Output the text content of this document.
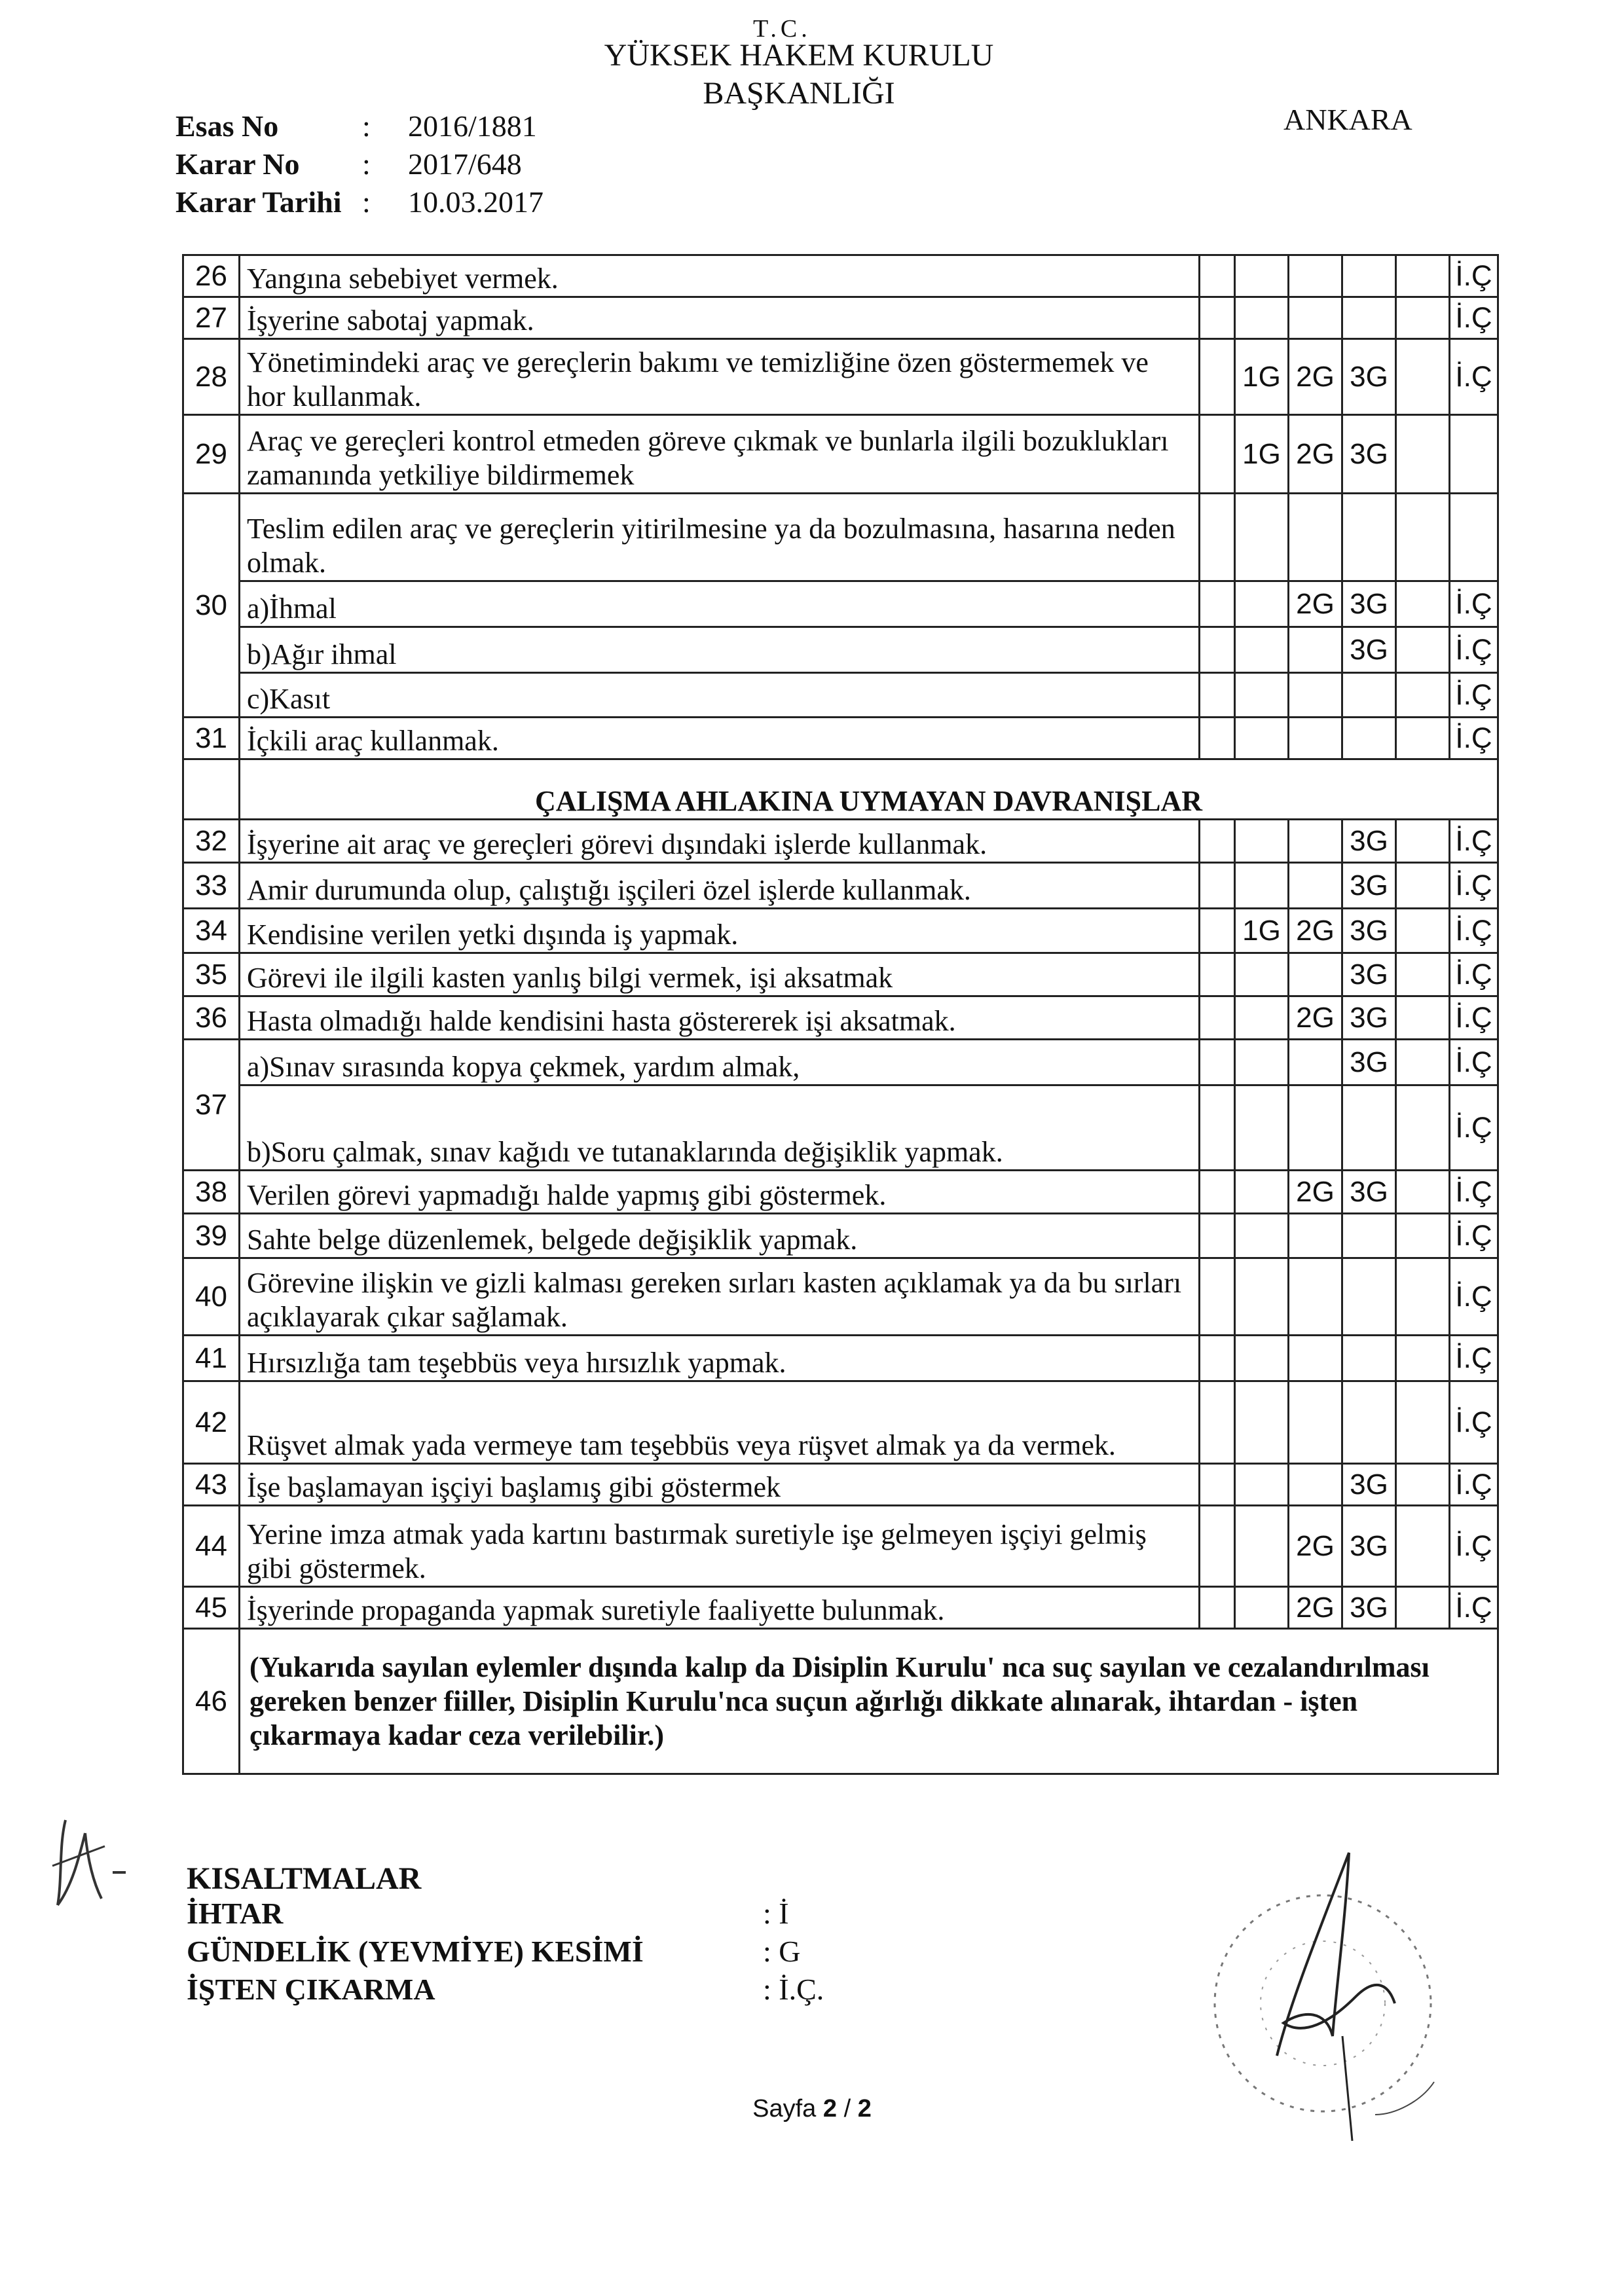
T.C.
YÜKSEK HAKEM KURULU
BAŞKANLIĞI
ANKARA
Esas No	:	2016/1881
Karar No	:	2017/648
Karar Tarihi :	10.03.2017
26	Yangına sebebiyet vermek.						İ.Ç
27	İşyerine sabotaj yapmak.						İ.Ç
28	Yönetimindeki araç ve gereçlerin bakımı ve temizliğine özen göstermemek ve hor kullanmak.		1G	2G	3G		İ.Ç
29	Araç ve gereçleri kontrol etmeden göreve çıkmak ve bunlarla ilgili bozuklukları zamanında yetkiliye bildirmemek		1G	2G	3G		
30	Teslim edilen araç ve gereçlerin yitirilmesine ya da bozulmasına, hasarına neden olmak.						
	a)İhmal			2G	3G		İ.Ç
	b)Ağır ihmal				3G		İ.Ç
	c)Kasıt						İ.Ç
31	İçkili araç kullanmak.						İ.Ç
	ÇALIŞMA AHLAKINA UYMAYAN DAVRANIŞLAR						
32	İşyerine ait araç ve gereçleri görevi dışındaki işlerde kullanmak.				3G		İ.Ç
33	Amir durumunda olup, çalıştığı işçileri özel işlerde kullanmak.				3G		İ.Ç
34	Kendisine verilen yetki dışında iş yapmak.		1G	2G	3G		İ.Ç
35	Görevi ile ilgili kasten yanlış bilgi vermek, işi aksatmak				3G		İ.Ç
36	Hasta olmadığı halde kendisini hasta göstererek işi aksatmak.			2G	3G		İ.Ç
37	a)Sınav sırasında kopya çekmek, yardım almak,				3G		İ.Ç
	b)Soru çalmak, sınav kağıdı ve tutanaklarında değişiklik yapmak.						İ.Ç
38	Verilen görevi yapmadığı halde yapmış gibi göstermek.			2G	3G		İ.Ç
39	Sahte belge düzenlemek, belgede değişiklik yapmak.						İ.Ç
40	Görevine ilişkin ve gizli kalması gereken sırları kasten açıklamak ya da bu sırları açıklayarak çıkar sağlamak.						İ.Ç
41	Hırsızlığa tam teşebbüs veya hırsızlık yapmak.						İ.Ç
42	Rüşvet almak yada vermeye tam teşebbüs veya rüşvet almak ya da vermek.						İ.Ç
43	İşe başlamayan işçiyi başlamış gibi göstermek				3G		İ.Ç
44	Yerine imza atmak yada kartını bastırmak suretiyle işe gelmeyen işçiyi gelmiş gibi göstermek.			2G	3G		İ.Ç
45	İşyerinde propaganda yapmak suretiyle faaliyette bulunmak.			2G	3G		İ.Ç
46	(Yukarıda sayılan eylemler dışında kalıp da Disiplin Kurulu' nca suç sayılan ve cezalandırılması gereken benzer fiiller, Disiplin Kurulu'nca suçun ağırlığı dikkate alınarak, ihtardan - işten çıkarmaya kadar ceza verilebilir.)						
KISALTMALAR
İHTAR	: İ
GÜNDELİK (YEVMİYE) KESİMİ	: G
İŞTEN ÇIKARMA	: İ.Ç.
Sayfa 2 / 2
